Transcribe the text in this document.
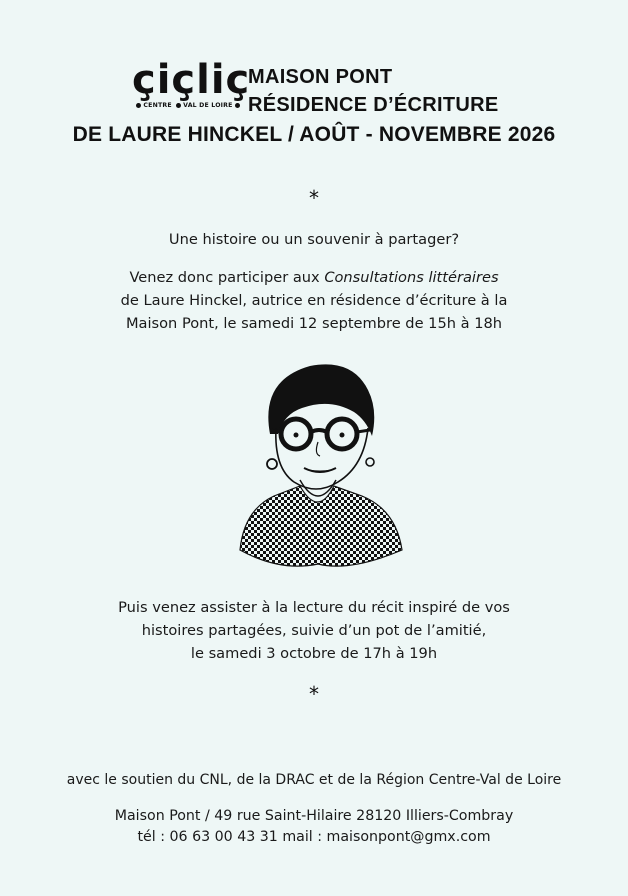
çiçliç
CENTRE VAL DE LOIRE
MAISON PONT
RÉSIDENCE D’ÉCRITURE
DE LAURE HINCKEL / AOÛT - NOVEMBRE 2026
*
Une histoire ou un souvenir à partager?
Venez donc participer aux Consultations littéraires
de Laure Hinckel, autrice en résidence d’écriture à la
Maison Pont, le samedi 12 septembre de 15h à 18h
Puis venez assister à la lecture du récit inspiré de vos
histoires partagées, suivie d’un pot de l’amitié,
le samedi 3 octobre de 17h à 19h
*
avec le soutien du CNL, de la DRAC et de la Région Centre-Val de Loire
Maison Pont / 49 rue Saint-Hilaire 28120 Illiers-Combray
tél : 06 63 00 43 31 mail : maisonpont@gmx.com
